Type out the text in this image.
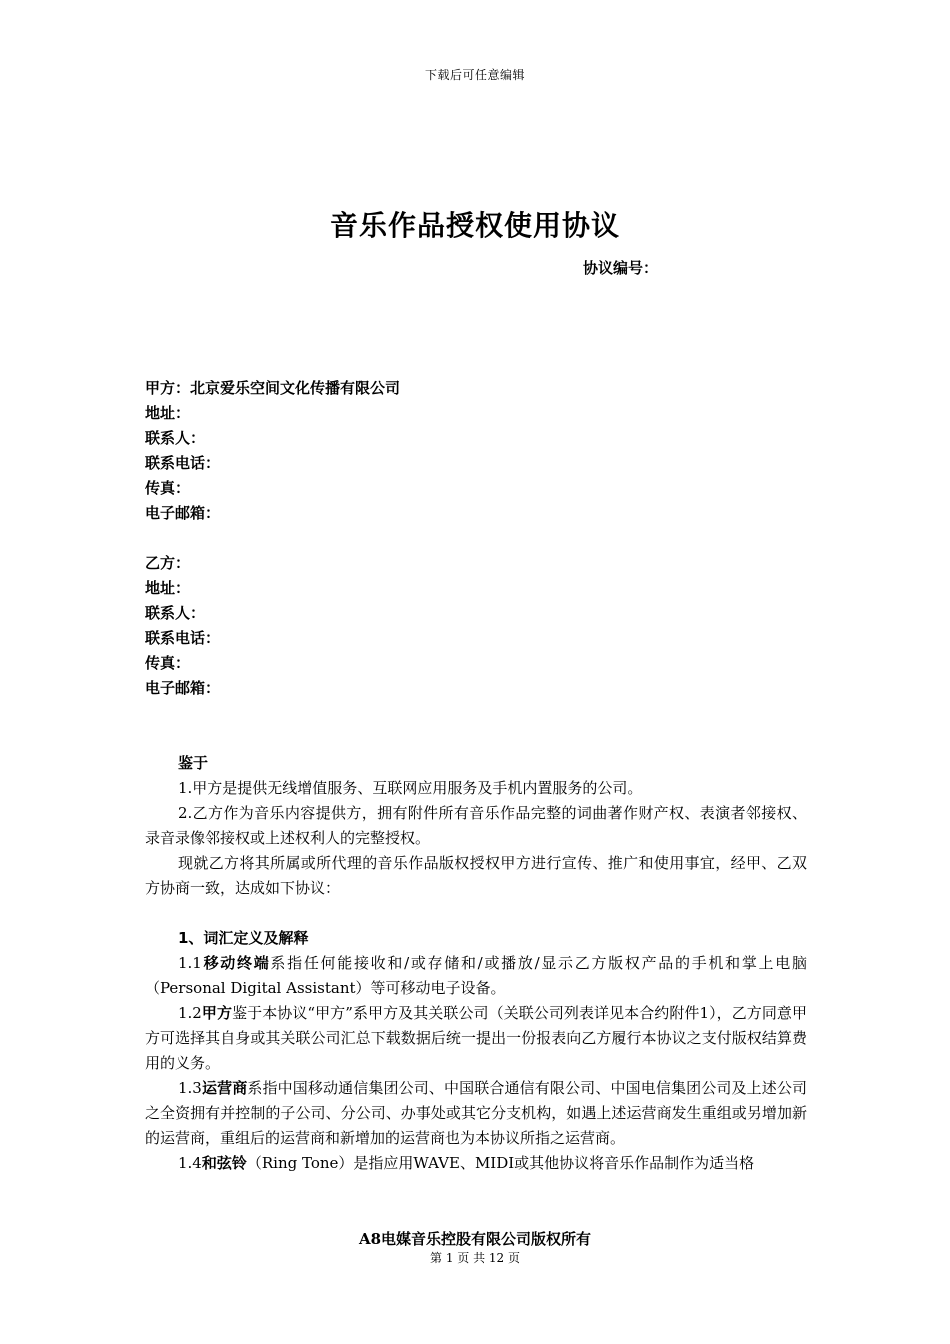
下载后可任意编辑
音乐作品授权使用协议
协议编号：
甲方：北京爱乐空间文化传播有限公司
地址：
联系人：
联系电话：
传真：
电子邮箱：
乙方：
地址：
联系人：
联系电话：
传真：
电子邮箱：
鉴于
1.甲方是提供无线增值服务、互联网应用服务及手机内置服务的公司。
2.乙方作为音乐内容提供方，拥有附件所有音乐作品完整的词曲著作财产权、表演者邻接权、录音录像邻接权或上述权利人的完整授权。
现就乙方将其所属或所代理的音乐作品版权授权甲方进行宣传、推广和使用事宜，经甲、乙双方协商一致，达成如下协议：
1、词汇定义及解释
1.1移动终端系指任何能接收和/或存储和/或播放/显示乙方版权产品的手机和掌上电脑 （Personal Digital Assistant）等可移动电子设备。
1.2甲方鉴于本协议“甲方”系甲方及其关联公司（关联公司列表详见本合约附件1），乙方同意甲方可选择其自身或其关联公司汇总下载数据后统一提出一份报表向乙方履行本协议之支付版权结算费用的义务。
1.3运营商系指中国移动通信集团公司、中国联合通信有限公司、中国电信集团公司及上述公司之全资拥有并控制的子公司、分公司、办事处或其它分支机构，如遇上述运营商发生重组或另增加新的运营商，重组后的运营商和新增加的运营商也为本协议所指之运营商。
1.4和弦铃（Ring Tone）是指应用WAVE、MIDI或其他协议将音乐作品制作为适当格
A8电媒音乐控股有限公司版权所有
第 1 页 共 12 页
